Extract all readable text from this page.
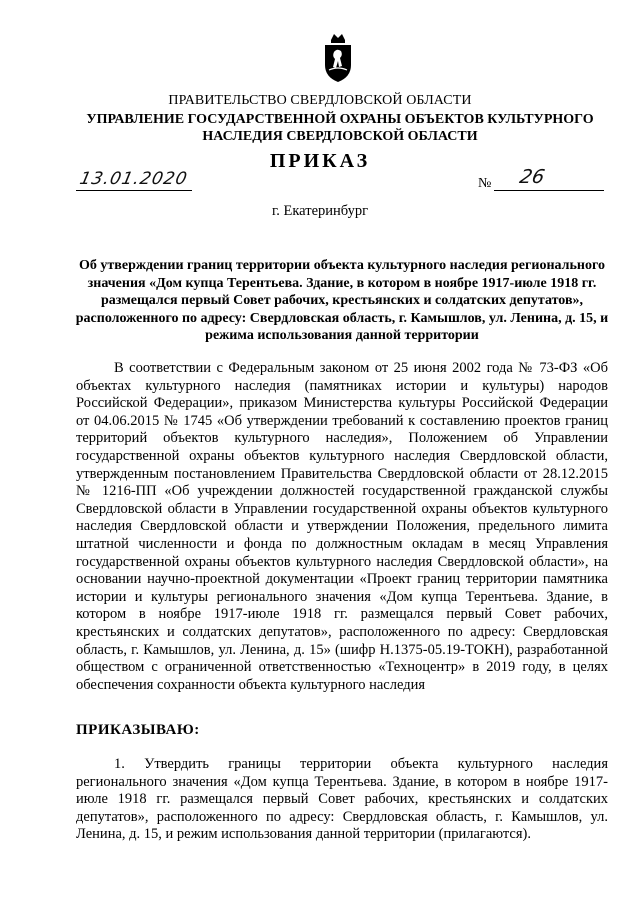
ПРАВИТЕЛЬСТВО СВЕРДЛОВСКОЙ ОБЛАСТИ
УПРАВЛЕНИЕ ГОСУДАРСТВЕННОЙ ОХРАНЫ ОБЪЕКТОВ КУЛЬТУРНОГО НАСЛЕДИЯ СВЕРДЛОВСКОЙ ОБЛАСТИ
ПРИКАЗ
13.01.2020	№ 26
г. Екатеринбург
Об утверждении границ территории объекта культурного наследия регионального значения «Дом купца Терентьева. Здание, в котором в ноябре 1917-июле 1918 гг. размещался первый Совет рабочих, крестьянских и солдатских депутатов», расположенного по адресу: Свердловская область, г. Камышлов, ул. Ленина, д. 15, и режима использования данной территории

В соответствии с Федеральным законом от 25 июня 2002 года № 73-ФЗ «Об объектах культурного наследия (памятниках истории и культуры) народов Российской Федерации», приказом Министерства культуры Российской Федерации от 04.06.2015 № 1745 «Об утверждении требований к составлению проектов границ территорий объектов культурного наследия», Положением об Управлении государственной охраны объектов культурного наследия Свердловской области, утвержденным постановлением Правительства Свердловской области от 28.12.2015 № 1216-ПП «Об учреждении должностей государственной гражданской службы Свердловской области в Управлении государственной охраны объектов культурного наследия Свердловской области и утверждении Положения, предельного лимита штатной численности и фонда по должностным окладам в месяц Управления государственной охраны объектов культурного наследия Свердловской области», на основании научно-проектной документации «Проект границ территории памятника истории и культуры регионального значения «Дом купца Терентьева. Здание, в котором в ноябре 1917-июле 1918 гг. размещался первый Совет рабочих, крестьянских и солдатских депутатов», расположенного по адресу: Свердловская область, г. Камышлов, ул. Ленина, д. 15» (шифр Н.1375-05.19-ТОКН), разработанной обществом с ограниченной ответственностью «Техноцентр» в 2019 году, в целях обеспечения сохранности объекта культурного наследия

ПРИКАЗЫВАЮ:

1. Утвердить границы территории объекта культурного наследия регионального значения «Дом купца Терентьева. Здание, в котором в ноябре 1917-июле 1918 гг. размещался первый Совет рабочих, крестьянских и солдатских депутатов», расположенного по адресу: Свердловская область, г. Камышлов, ул. Ленина, д. 15, и режим использования данной территории (прилагаются).
